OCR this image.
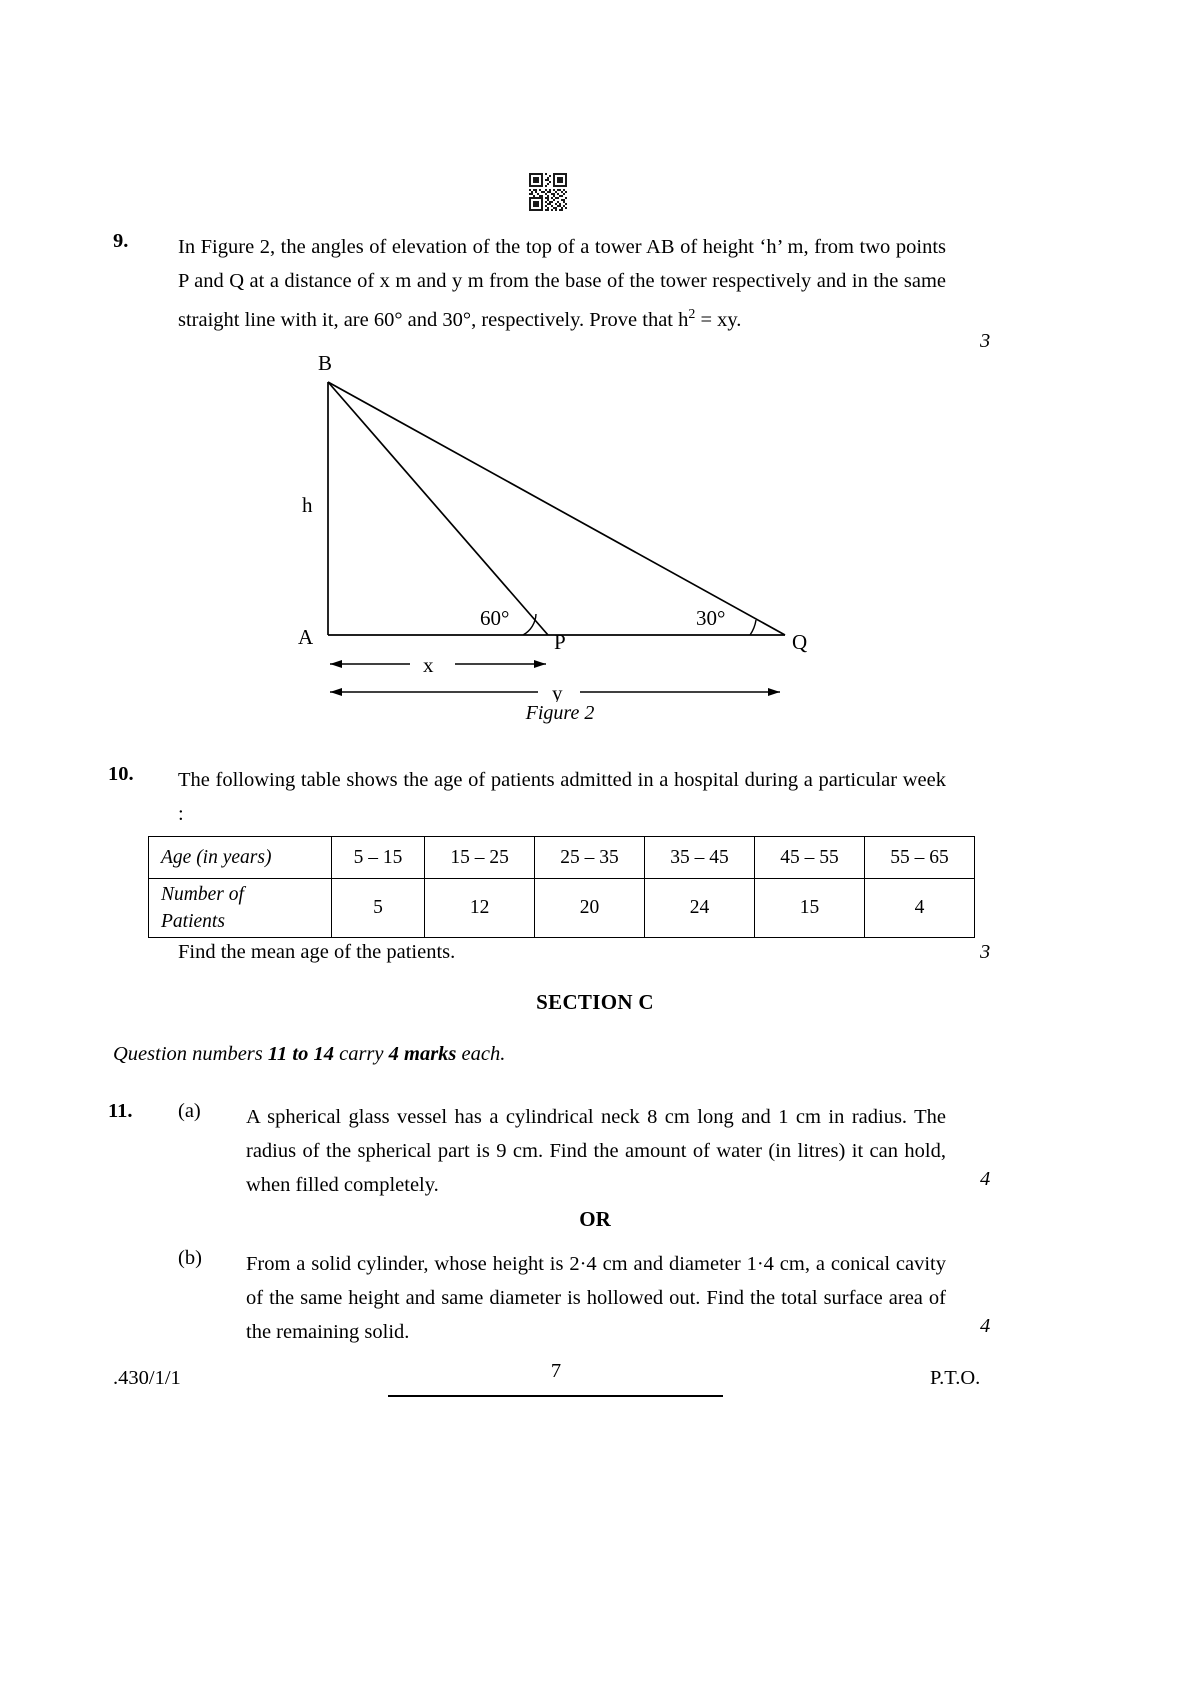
9. In Figure 2, the angles of elevation of the top of a tower AB of height ‘h’ m, from two points P and Q at a distance of x m and y m from the base of the tower respectively and in the same straight line with it, are 60° and 30°, respectively. Prove that $h^2$ = xy.

3
B
h
A	P	Q
60°	30°
x
y
Figure 2
10. The following table shows the age of patients admitted in a hospital during a particular week :

Age (in years)	5 – 15	15 – 25	25 – 35	35 – 45	45 – 55	55 – 65

Number of
Patients	5	12	20	24	15	4
Find the mean age of the patients.	3
SECTION C
Question numbers 11 to 14 carry 4 marks each.
11. (a) A spherical glass vessel has a cylindrical neck 8 cm long and 1 cm in radius. The radius of the spherical part is 9 cm. Find the amount of water (in litres) it can hold, when filled completely.	4
OR
(b) From a solid cylinder, whose height is 2·4 cm and diameter 1·4 cm, a conical cavity of the same height and same diameter is hollowed out. Find the total surface area of the remaining solid.	4
.430/1/1	7	P.T.O.
